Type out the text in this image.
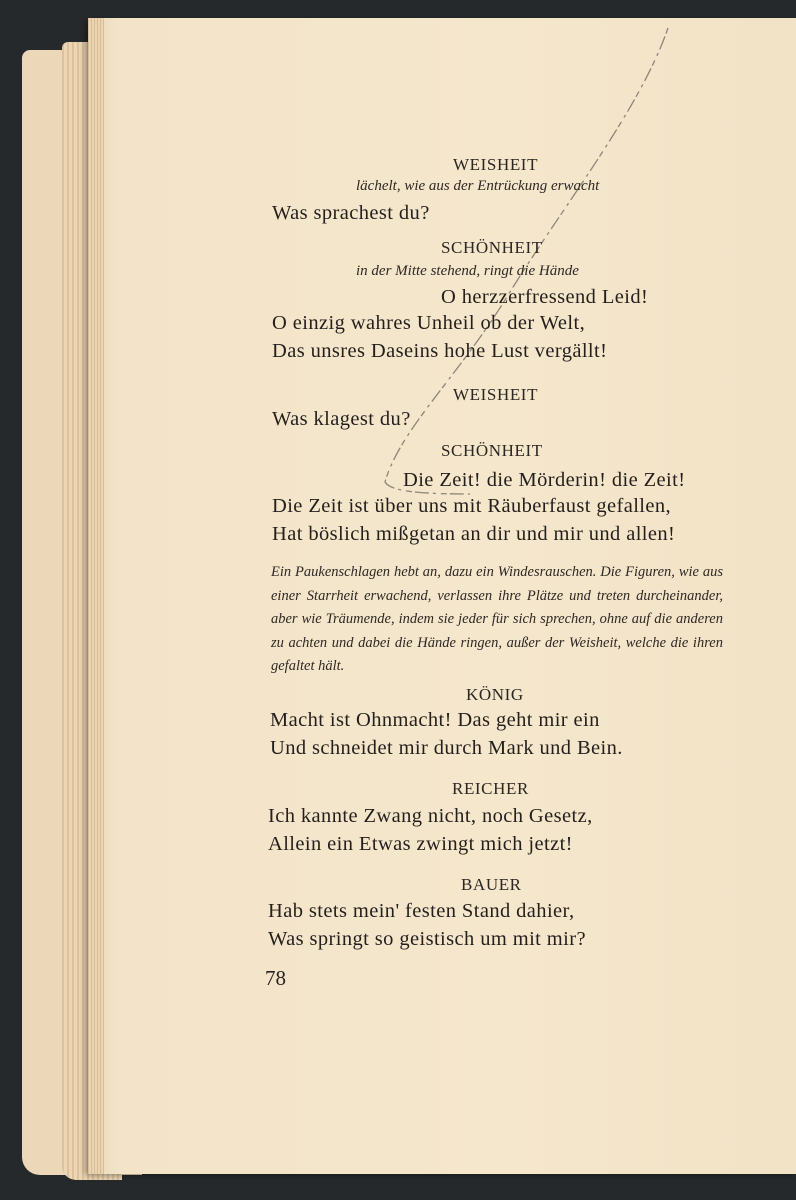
WEISHEIT

lächelt, wie aus der Entrückung erwacht

Was sprachest du?

SCHÖNHEIT

in der Mitte stehend, ringt die Hände

O herzzerfressend Leid!

O einzig wahres Unheil ob der Welt,

Das unsres Daseins hohe Lust vergällt!

WEISHEIT

Was klagest du?

SCHÖNHEIT

Die Zeit! die Mörderin! die Zeit!

Die Zeit ist über uns mit Räuberfaust gefallen,

Hat böslich mißgetan an dir und mir und allen!

Ein Paukenschlagen hebt an, dazu ein Windesrauschen. Die Figuren, wie aus einer Starrheit erwachend, verlassen ihre Plätze und treten durcheinander, aber wie Träumende, indem sie jeder für sich sprechen, ohne auf die anderen zu achten und dabei die Hände ringen, außer der Weisheit, welche die ihren gefaltet hält.

KÖNIG

Macht ist Ohnmacht! Das geht mir ein

Und schneidet mir durch Mark und Bein.

REICHER

Ich kannte Zwang nicht, noch Gesetz,

Allein ein Etwas zwingt mich jetzt!

BAUER

Hab stets mein' festen Stand dahier,

Was springt so geistisch um mit mir?

78
